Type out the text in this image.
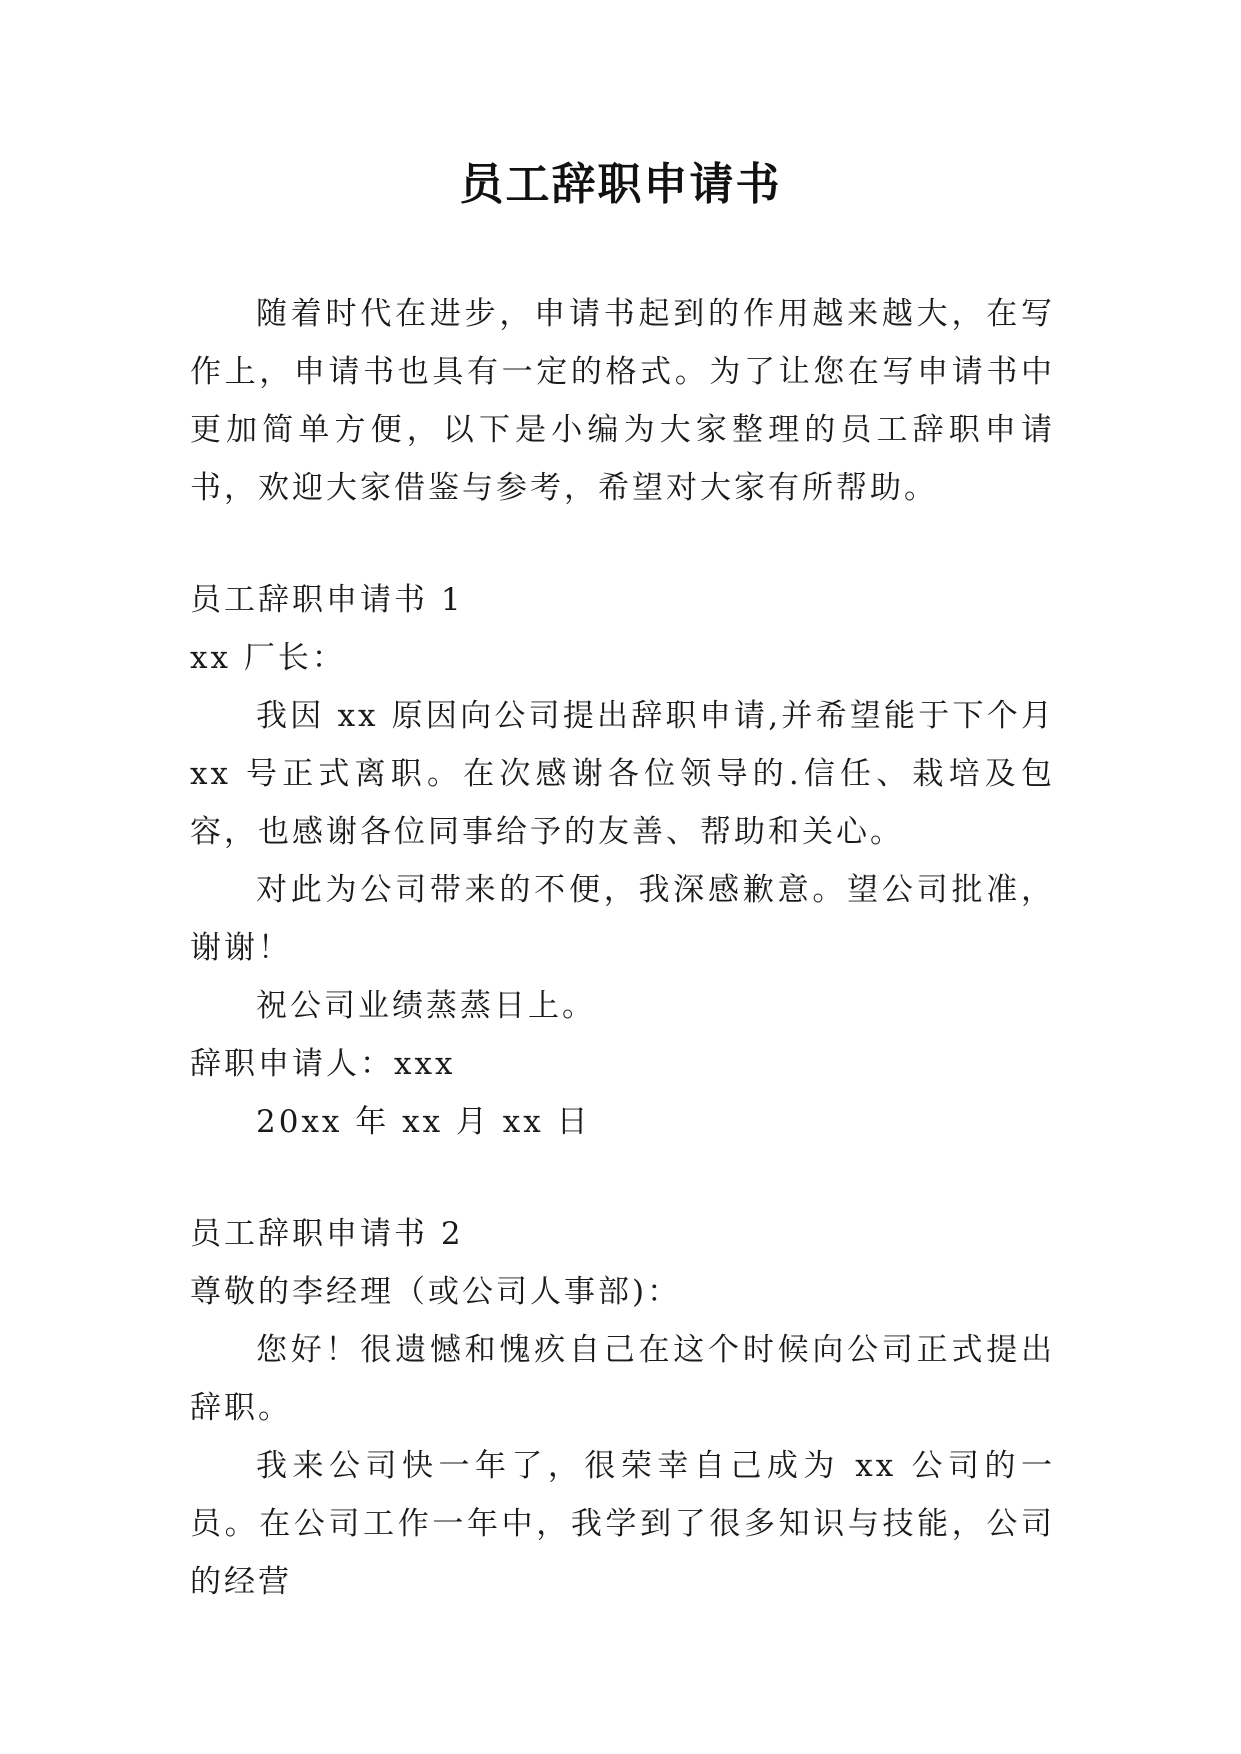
员工辞职申请书

随着时代在进步，申请书起到的作用越来越大，在写作上，申请书也具有一定的格式。为了让您在写申请书中更加简单方便，以下是小编为大家整理的员工辞职申请书，欢迎大家借鉴与参考，希望对大家有所帮助。

员工辞职申请书 1

xx 厂长：

我因 xx 原因向公司提出辞职申请,并希望能于下个月 xx 号正式离职。在次感谢各位领导的.信任、栽培及包容，也感谢各位同事给予的友善、帮助和关心。

对此为公司带来的不便，我深感歉意。望公司批准，谢谢！

祝公司业绩蒸蒸日上。

辞职申请人：xxx

20xx 年 xx 月 xx 日

员工辞职申请书 2

尊敬的李经理（或公司人事部)：

您好！很遗憾和愧疚自己在这个时候向公司正式提出辞职。

我来公司快一年了，很荣幸自己成为 xx 公司的一员。在公司工作一年中，我学到了很多知识与技能，公司的经营
